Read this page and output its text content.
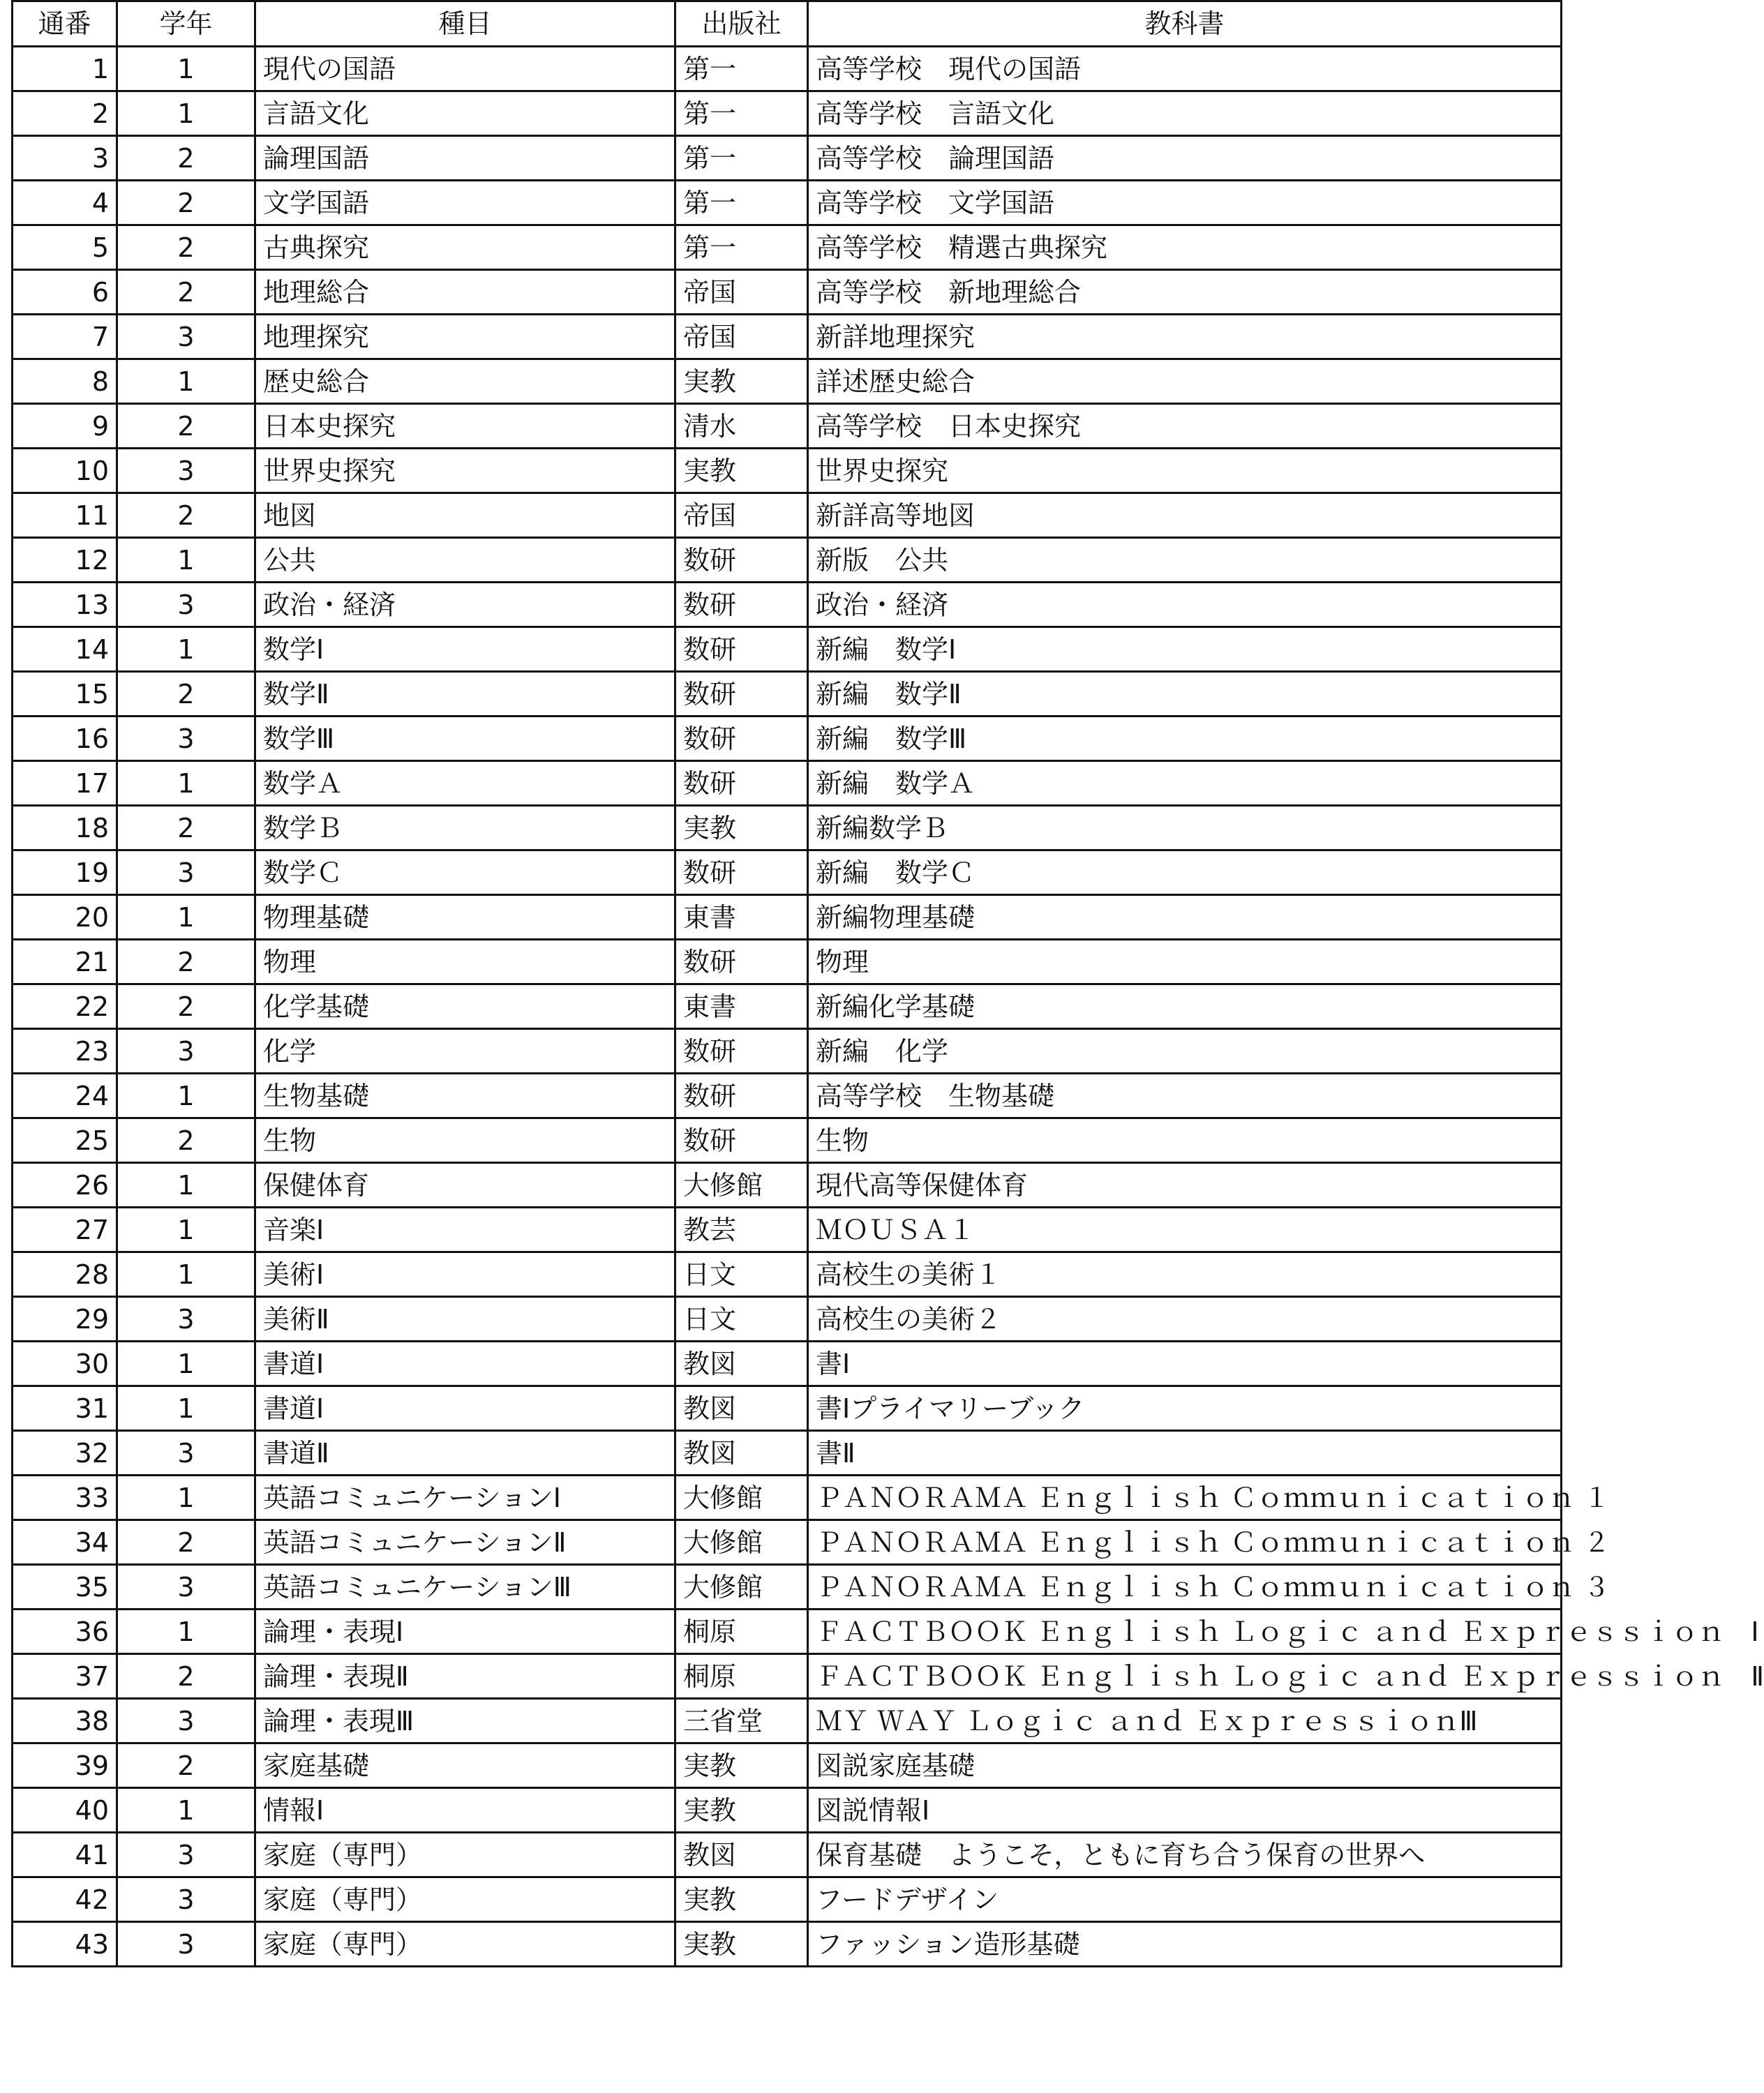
通番	学年	種目	出版社	教科書
1	1	現代の国語	第一	高等学校　現代の国語
2	1	言語文化	第一	高等学校　言語文化
3	2	論理国語	第一	高等学校　論理国語
4	2	文学国語	第一	高等学校　文学国語
5	2	古典探究	第一	高等学校　精選古典探究
6	2	地理総合	帝国	高等学校　新地理総合
7	3	地理探究	帝国	新詳地理探究
8	1	歴史総合	実教	詳述歴史総合
9	2	日本史探究	清水	高等学校　日本史探究
10	3	世界史探究	実教	世界史探究
11	2	地図	帝国	新詳高等地図
12	1	公共	数研	新版　公共
13	3	政治・経済	数研	政治・経済
14	1	数学Ⅰ	数研	新編　数学Ⅰ
15	2	数学Ⅱ	数研	新編　数学Ⅱ
16	3	数学Ⅲ	数研	新編　数学Ⅲ
17	1	数学Ａ	数研	新編　数学Ａ
18	2	数学Ｂ	実教	新編数学Ｂ
19	3	数学Ｃ	数研	新編　数学Ｃ
20	1	物理基礎	東書	新編物理基礎
21	2	物理	数研	物理
22	2	化学基礎	東書	新編化学基礎
23	3	化学	数研	新編　化学
24	1	生物基礎	数研	高等学校　生物基礎
25	2	生物	数研	生物
26	1	保健体育	大修館	現代高等保健体育
27	1	音楽Ⅰ	教芸	ＭＯＵＳＡ１
28	1	美術Ⅰ	日文	高校生の美術１
29	3	美術Ⅱ	日文	高校生の美術２
30	1	書道Ⅰ	教図	書Ⅰ
31	1	書道Ⅰ	教図	書Ⅰプライマリーブック
32	3	書道Ⅱ	教図	書Ⅱ
33	1	英語コミュニケーションⅠ	大修館	ＰＡＮＯＲＡＭＡ Ｅｎｇｌｉｓｈ Ｃｏｍｍｕｎｉｃａｔｉｏｎ １
34	2	英語コミュニケーションⅡ	大修館	ＰＡＮＯＲＡＭＡ Ｅｎｇｌｉｓｈ Ｃｏｍｍｕｎｉｃａｔｉｏｎ ２
35	3	英語コミュニケーションⅢ	大修館	ＰＡＮＯＲＡＭＡ Ｅｎｇｌｉｓｈ Ｃｏｍｍｕｎｉｃａｔｉｏｎ ３
36	1	論理・表現Ⅰ	桐原	ＦＡＣＴＢＯＯＫ Ｅｎｇｌｉｓｈ Ｌｏｇｉｃ ａｎｄ Ｅｘｐｒｅｓｓｉｏｎ　Ⅰ
37	2	論理・表現Ⅱ	桐原	ＦＡＣＴＢＯＯＫ Ｅｎｇｌｉｓｈ Ｌｏｇｉｃ ａｎｄ Ｅｘｐｒｅｓｓｉｏｎ　Ⅱ
38	3	論理・表現Ⅲ	三省堂	ＭＹ ＷＡＹ Ｌｏｇｉｃ ａｎｄ ＥｘｐｒｅｓｓｉｏｎⅢ
39	2	家庭基礎	実教	図説家庭基礎
40	1	情報Ⅰ	実教	図説情報Ⅰ
41	3	家庭（専門）	教図	保育基礎　ようこそ，ともに育ち合う保育の世界へ
42	3	家庭（専門）	実教	フードデザイン
43	3	家庭（専門）	実教	ファッション造形基礎
